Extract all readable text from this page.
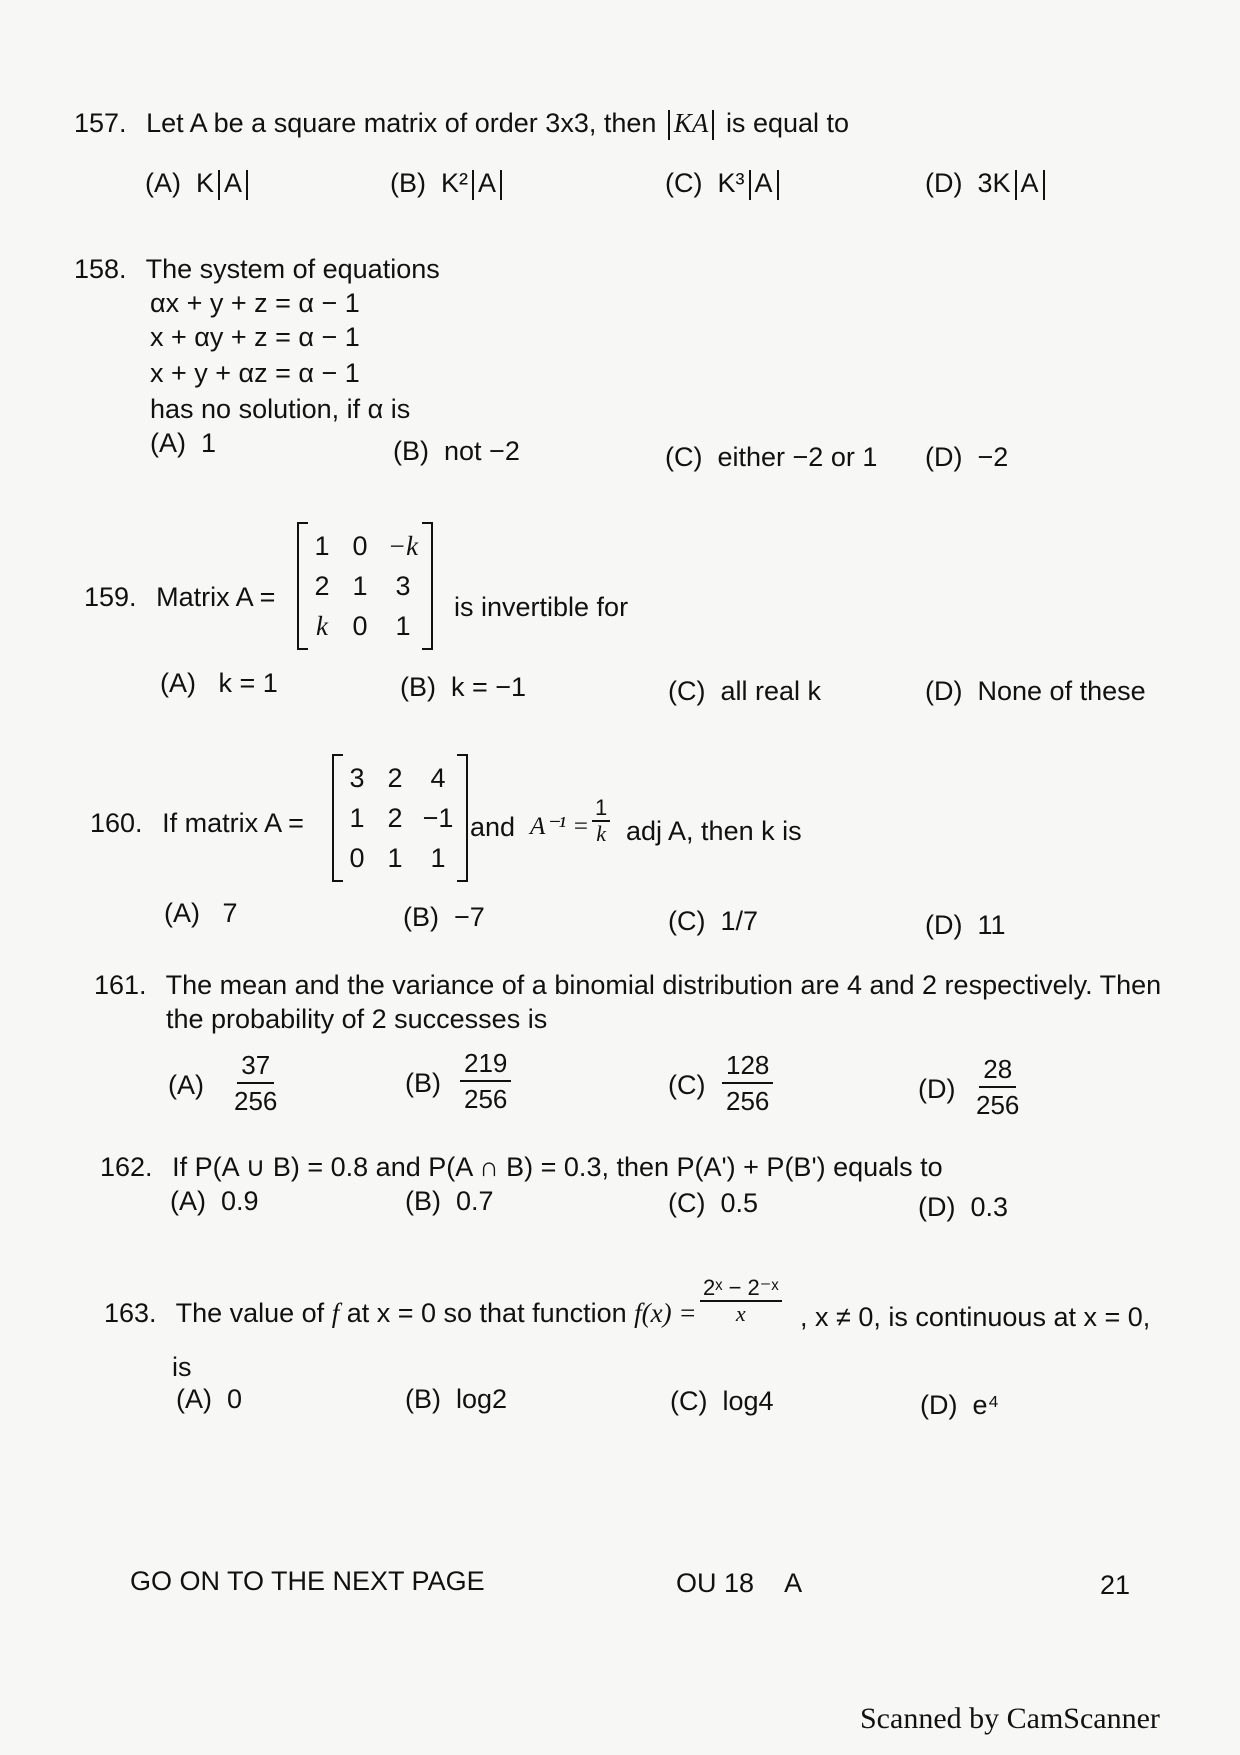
157. Let A be a square matrix of order 3x3, then KA is equal to
(A) K A	(B) K² A	(C) K³ A	(D) 3K A
158. The system of equations
αx + y + z = α − 1
x + αy + z = α − 1
x + y + αz = α − 1
has no solution, if α is
(A) 1	(B) not −2	(C) either −2 or 1 (D) −2
159. Matrix A =
1 0 −k
2 1	3
k 0	1
is invertible for
(A) k = 1	(B) k = −1	(C) all real k	(D) None of these
160. If matrix A =
3 2	4
1 2 −1
0 1	1
and $A^{-1} = \frac{1}{k}$ adj A, then k is
(A) 7	(B) −7	(C) 1/7	(D) 11
161. The mean and the variance of a binomial distribution are 4 and 2 respectively. Then
the probability of 2 successes is
$(A) \frac{37}{256}$	$(B) \frac{219}{256}$	$(C) \frac{128}{256}$	$(D) \frac{28}{256}$
162. If P(A ∪ B) = 0.8 and P(A ∩ B) = 0.3, then P(A') + P(B') equals to
(A) 0.9	(B) 0.7	(C) 0.5	(D) 0.3
163. The value of f at x = 0 so that function $f(x) = \frac{\text{2ˣ − 2⁻ˣ}}{x}$ , x ≠ 0, is continuous at x = 0,
is
(A) 0	(B) log2	(C) log4	(D) e⁴
GO ON TO THE NEXT PAGE	OU 18 A	21
Scanned by CamScanner
